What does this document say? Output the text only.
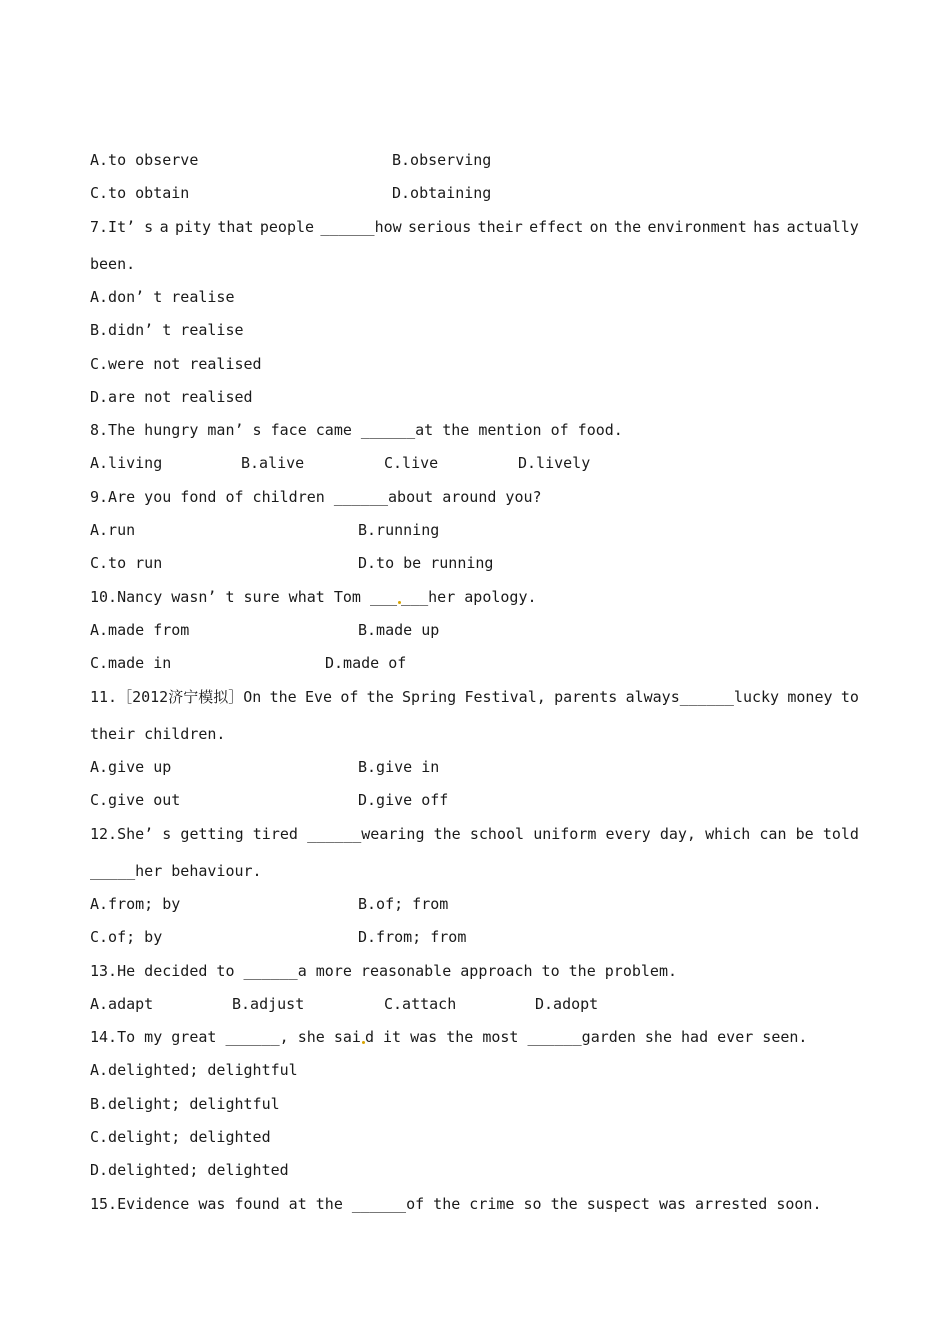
A.to observe	B.observing
C.to obtain	D.obtaining
7.It’ s a pity that people ______how serious their effect on the environment has actually
been.
A.don’ t realise
B.didn’ t realise
C.were not realised
D.are not realised
8.The hungry man’ s face came ______at the mention of food.
A.living	B.alive	C.live	D.lively
9.Are you fond of children ______about around you?
A.run	B.running
C.to run	D.to be running
10.Nancy wasn’ t sure what Tom ___ ___her apology.
A.made from	B.made up
C.made in	D.made of
11.［2012济宁模拟］On the Eve of the Spring Festival, parents always______lucky money to
their children.
A.give up	B.give in
C.give out	D.give off
12.She’ s getting tired ______wearing the school uniform every day, which can be told
_____her behaviour.
A.from; by	B.of; from
C.of; by	D.from; from
13.He decided to ______a more reasonable approach to the problem.
A.adapt	B.adjust	C.attach	D.adopt
14.To my great ______, she sai d it was the most ______garden she had ever seen.
A.delighted; delightful
B.delight; delightful
C.delight; delighted
D.delighted; delighted
15.Evidence was found at the ______of the crime so the suspect was arrested soon.
